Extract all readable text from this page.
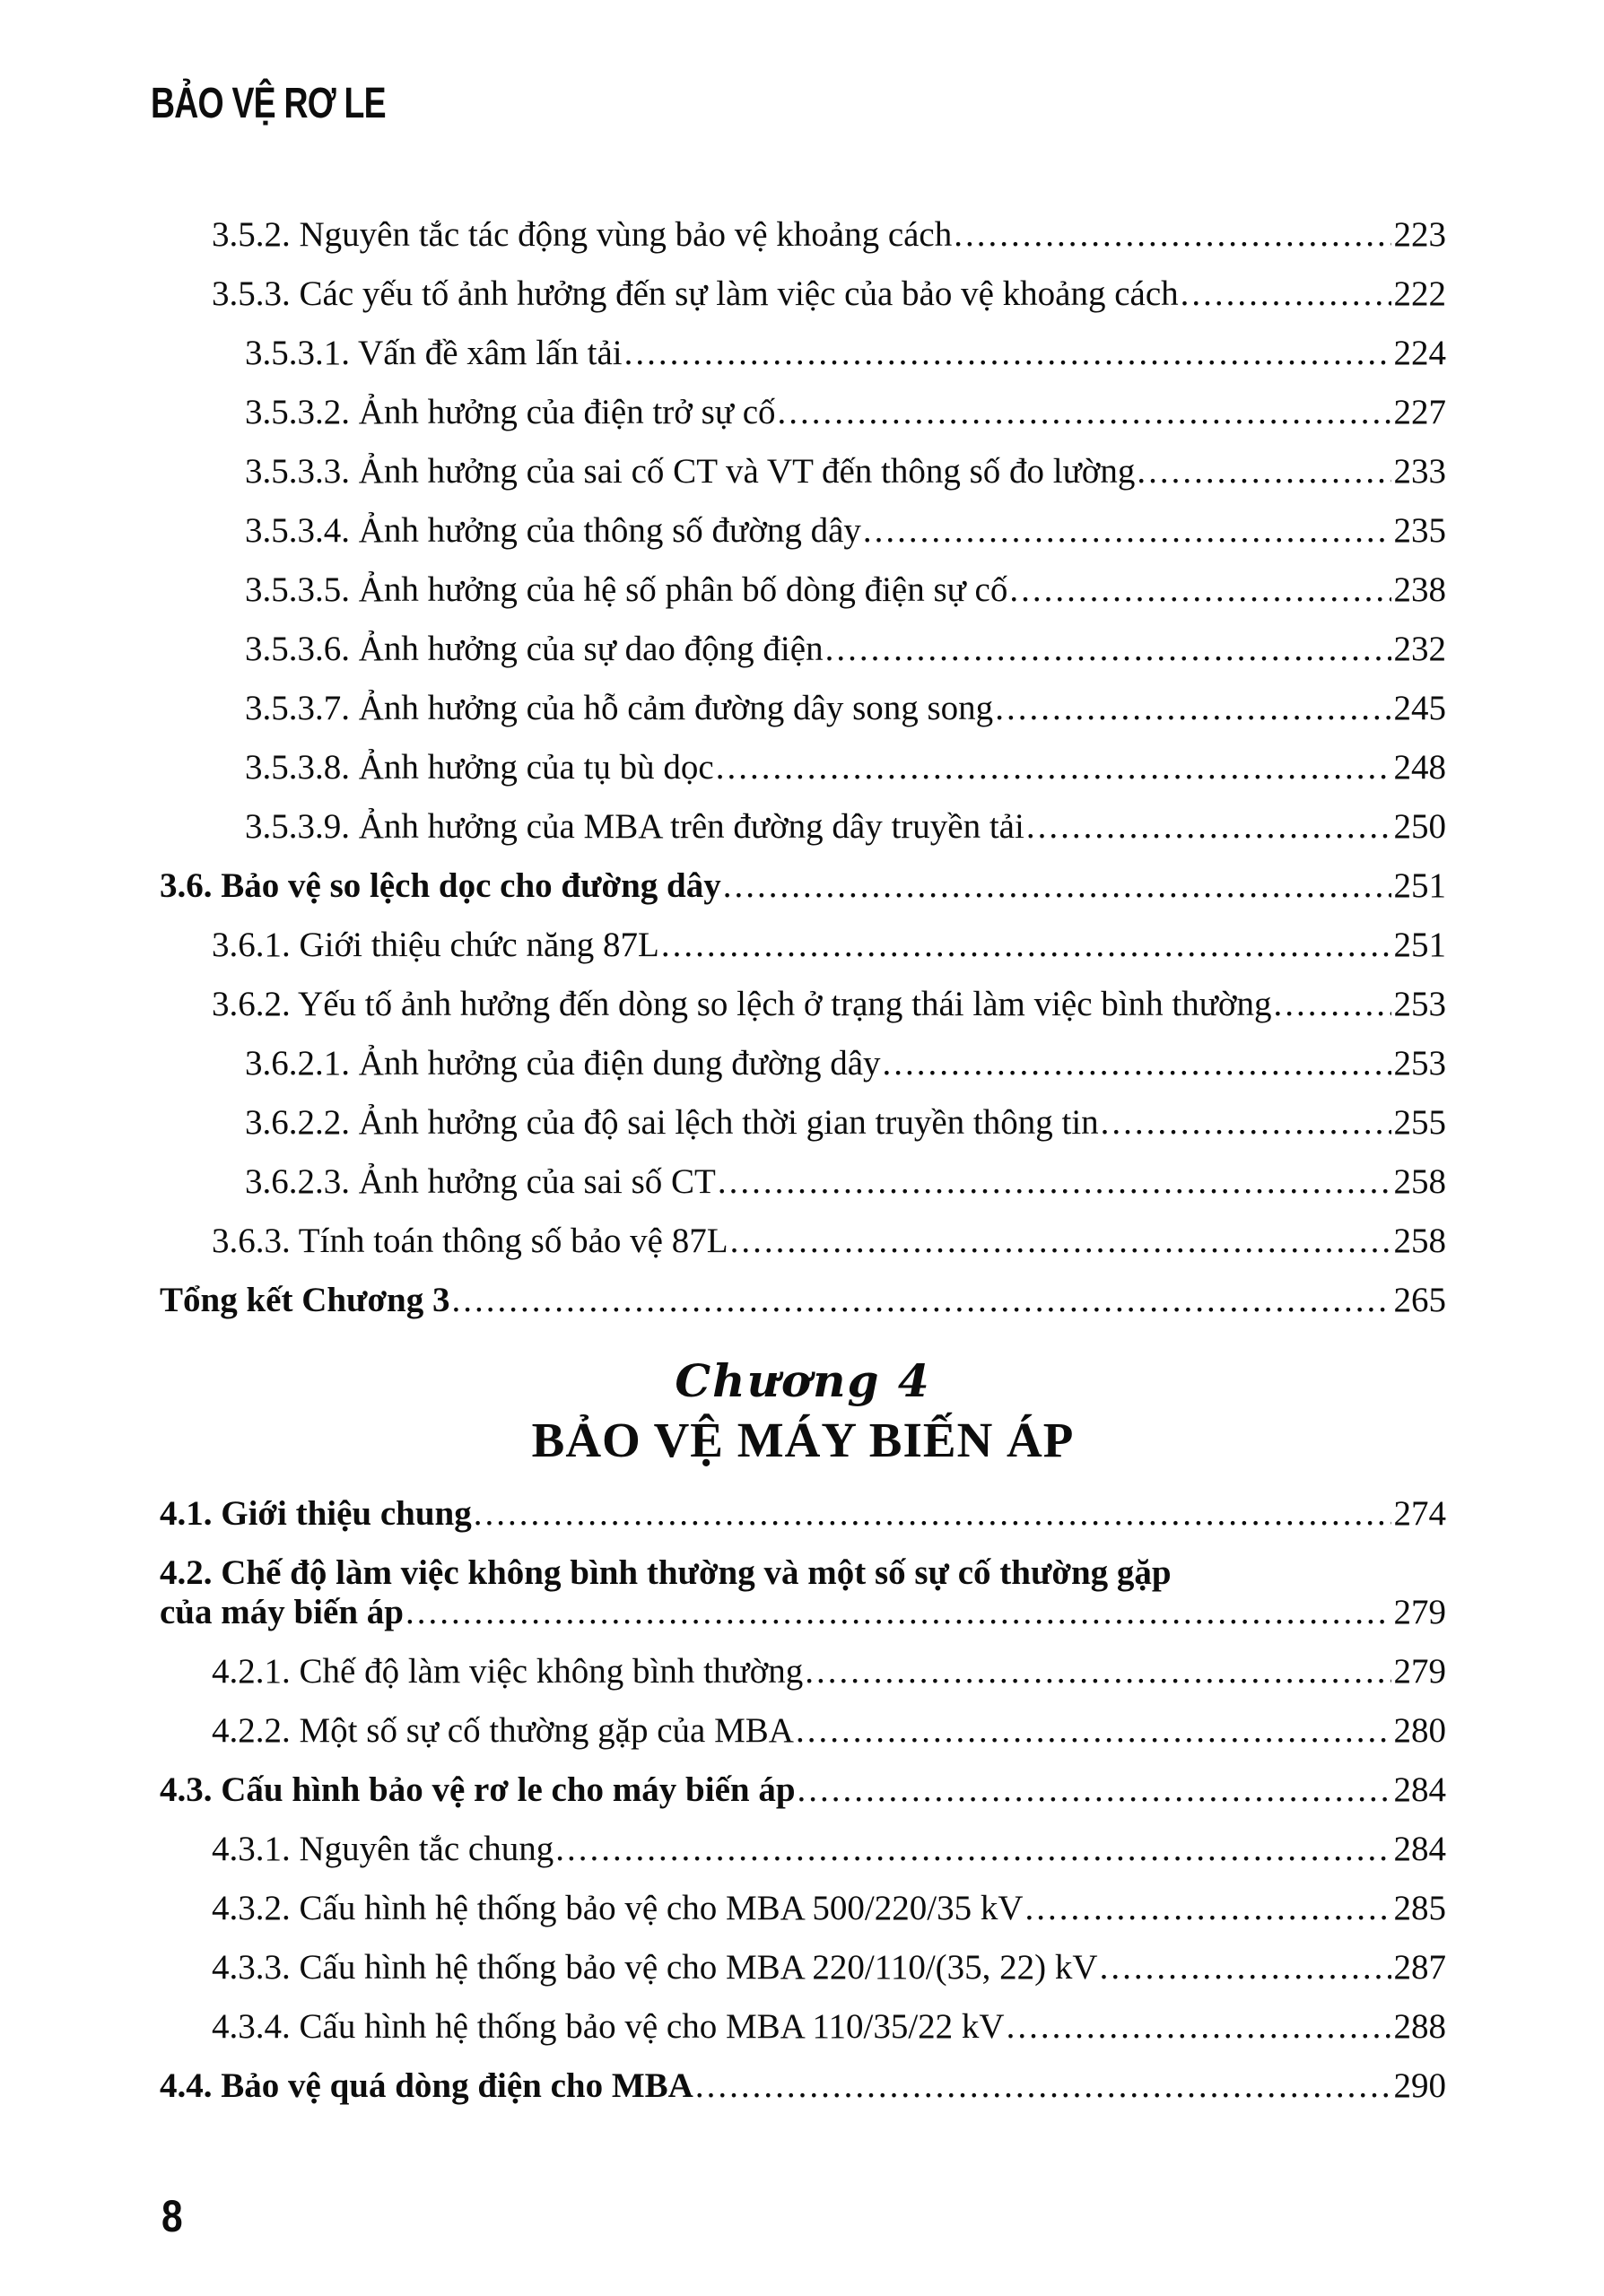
BẢO VỆ RƠ LE
3.5.2. Nguyên tắc tác động vùng bảo vệ khoảng cách .....	223
3.5.3. Các yếu tố ảnh hưởng đến sự làm việc của bảo vệ khoảng cách .....	222
3.5.3.1. Vấn đề xâm lấn tải .....	224
3.5.3.2. Ảnh hưởng của điện trở sự cố .....	227
3.5.3.3. Ảnh hưởng của sai cố CT và VT đến thông số đo lường .....	233
3.5.3.4. Ảnh hưởng của thông số đường dây .....	235
3.5.3.5. Ảnh hưởng của hệ số phân bố dòng điện sự cố .....	238
3.5.3.6. Ảnh hưởng của sự dao động điện .....	232
3.5.3.7. Ảnh hưởng của hỗ cảm đường dây song song .....	245
3.5.3.8. Ảnh hưởng của tụ bù dọc .....	248
3.5.3.9. Ảnh hưởng của MBA trên đường dây truyền tải .....	250
3.6. Bảo vệ so lệch dọc cho đường dây .....	251
3.6.1. Giới thiệu chức năng 87L .....	251
3.6.2. Yếu tố ảnh hưởng đến dòng so lệch ở trạng thái làm việc bình thường .....	253
3.6.2.1. Ảnh hưởng của điện dung đường dây .....	253
3.6.2.2. Ảnh hưởng của độ sai lệch thời gian truyền thông tin .....	255
3.6.2.3. Ảnh hưởng của sai số CT .....	258
3.6.3. Tính toán thông số bảo vệ 87L .....	258
Tổng kết Chương 3 .....	265
Chương 4
BẢO VỆ MÁY BIẾN ÁP
4.1. Giới thiệu chung .....	274
4.2. Chế độ làm việc không bình thường và một số sự cố thường gặp
của máy biến áp .....	279
4.2.1. Chế độ làm việc không bình thường .....	279
4.2.2. Một số sự cố thường gặp của MBA .....	280
4.3. Cấu hình bảo vệ rơ le cho máy biến áp .....	284
4.3.1. Nguyên tắc chung .....	284
4.3.2. Cấu hình hệ thống bảo vệ cho MBA 500/220/35 kV .....	285
4.3.3. Cấu hình hệ thống bảo vệ cho MBA 220/110/(35, 22) kV .....	287
4.3.4. Cấu hình hệ thống bảo vệ cho MBA 110/35/22 kV .....	288
4.4. Bảo vệ quá dòng điện cho MBA .....	290
8
